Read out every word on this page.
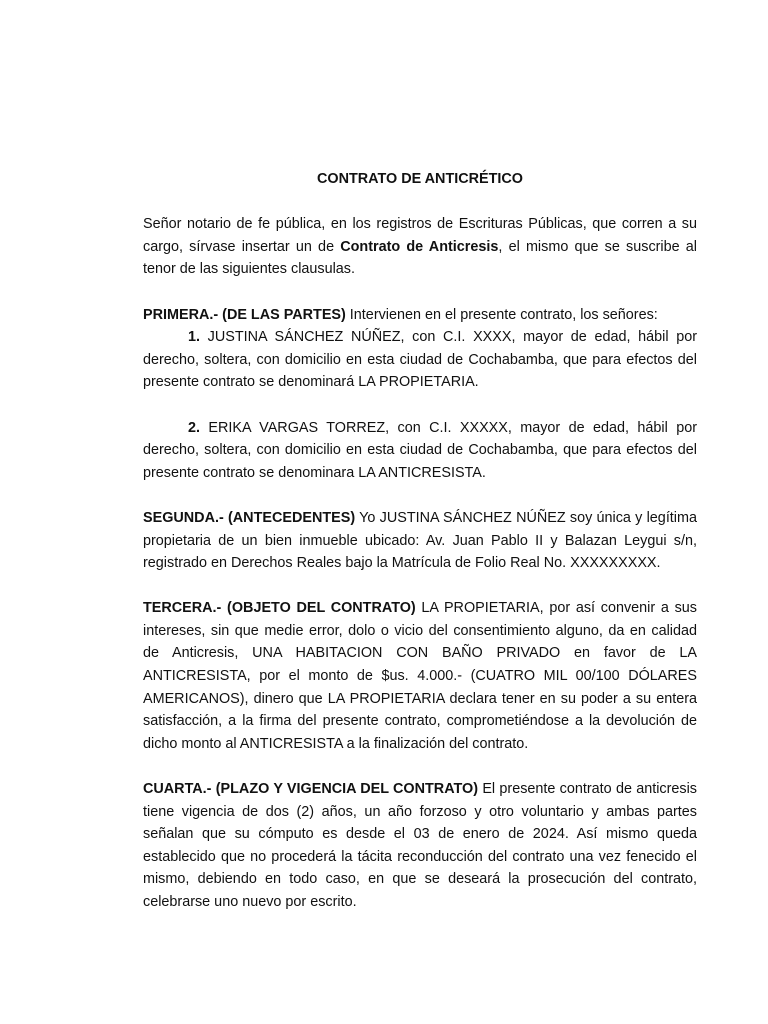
CONTRATO DE ANTICRÉTICO

Señor notario de fe pública, en los registros de Escrituras Públicas, que corren a su cargo, sírvase insertar un de Contrato de Anticresis, el mismo que se suscribe al tenor de las siguientes clausulas.

PRIMERA.- (DE LAS PARTES) Intervienen en el presente contrato, los señores:
1. JUSTINA SÁNCHEZ NÚÑEZ, con C.I. XXXX, mayor de edad, hábil por derecho, soltera, con domicilio en esta ciudad de Cochabamba, que para efectos del presente contrato se denominará LA PROPIETARIA.

2. ERIKA VARGAS TORREZ, con C.I. XXXXX, mayor de edad, hábil por derecho, soltera, con domicilio en esta ciudad de Cochabamba, que para efectos del presente contrato se denominara LA ANTICRESISTA.

SEGUNDA.- (ANTECEDENTES) Yo JUSTINA SÁNCHEZ NÚÑEZ soy única y legítima propietaria de un bien inmueble ubicado: Av. Juan Pablo II y Balazan Leygui s/n, registrado en Derechos Reales bajo la Matrícula de Folio Real No. XXXXXXXXX.

TERCERA.- (OBJETO DEL CONTRATO) LA PROPIETARIA, por así convenir a sus intereses, sin que medie error, dolo o vicio del consentimiento alguno, da en calidad de Anticresis, UNA HABITACION CON BAÑO PRIVADO en favor de LA ANTICRESISTA, por el monto de $us. 4.000.- (CUATRO MIL 00/100 DÓLARES AMERICANOS), dinero que LA PROPIETARIA declara tener en su poder a su entera satisfacción, a la firma del presente contrato, comprometiéndose a la devolución de dicho monto al ANTICRESISTA a la finalización del contrato.

CUARTA.- (PLAZO Y VIGENCIA DEL CONTRATO) El presente contrato de anticresis tiene vigencia de dos (2) años, un año forzoso y otro voluntario y ambas partes señalan que su cómputo es desde el 03 de enero de 2024. Así mismo queda establecido que no procederá la tácita reconducción del contrato una vez fenecido el mismo, debiendo en todo caso, en que se deseará la prosecución del contrato, celebrarse uno nuevo por escrito.
